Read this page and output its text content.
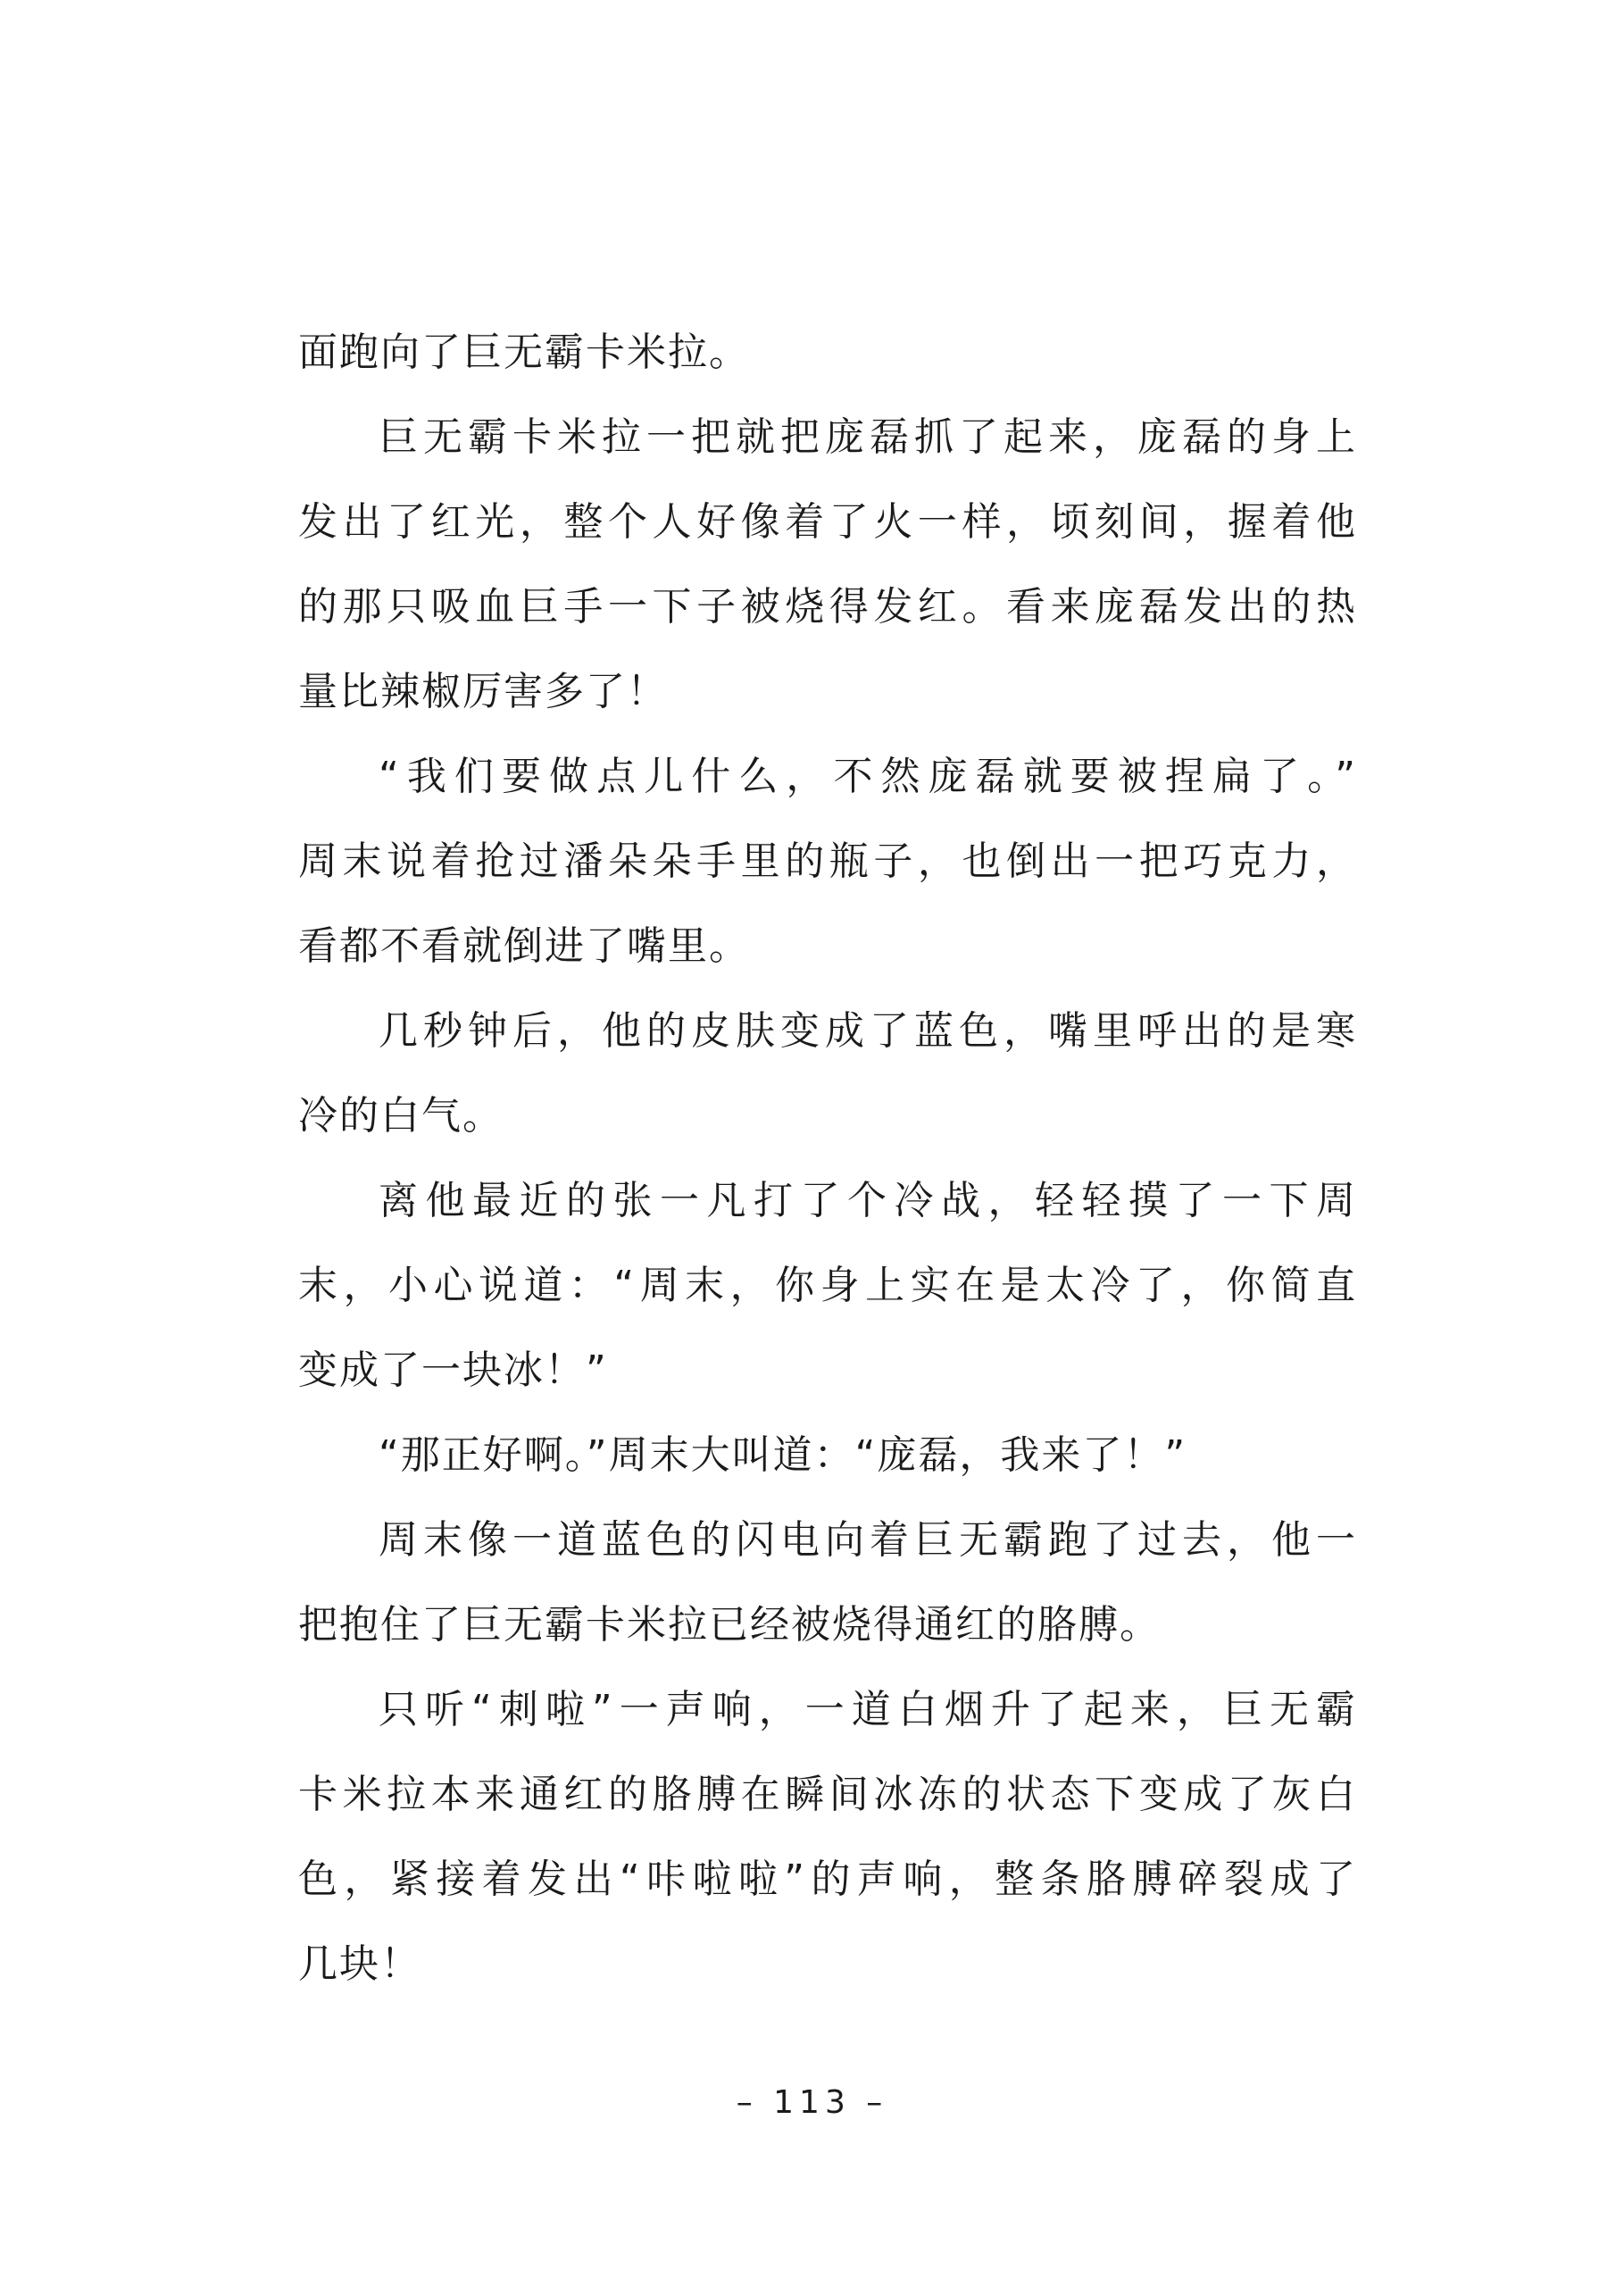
面跑向了巨无霸卡米拉。
巨无霸卡米拉一把就把庞磊抓了起来，庞磊的身上
发出了红光，整个人好像着了火一样，顷刻间，握着他
的那只吸血巨手一下子被烧得发红。看来庞磊发出的热
量比辣椒厉害多了！
“我们要做点儿什么，不然庞磊就要被捏扁了。”
周末说着抢过潘朵朵手里的瓶子，也倒出一把巧克力，
看都不看就倒进了嘴里。
几秒钟后，他的皮肤变成了蓝色，嘴里呼出的是寒
冷的白气。
离他最近的张一凡打了个冷战，轻轻摸了一下周
末，小心说道：“周末，你身上实在是太冷了，你简直
变成了一块冰！”
“那正好啊。”周末大叫道：“庞磊，我来了！”
周末像一道蓝色的闪电向着巨无霸跑了过去，他一
把抱住了巨无霸卡米拉已经被烧得通红的胳膊。
只听“刺啦”一声响，一道白烟升了起来，巨无霸
卡米拉本来通红的胳膊在瞬间冰冻的状态下变成了灰白
色，紧接着发出“咔啦啦”的声响，整条胳膊碎裂成了
几块！
– 113 –
